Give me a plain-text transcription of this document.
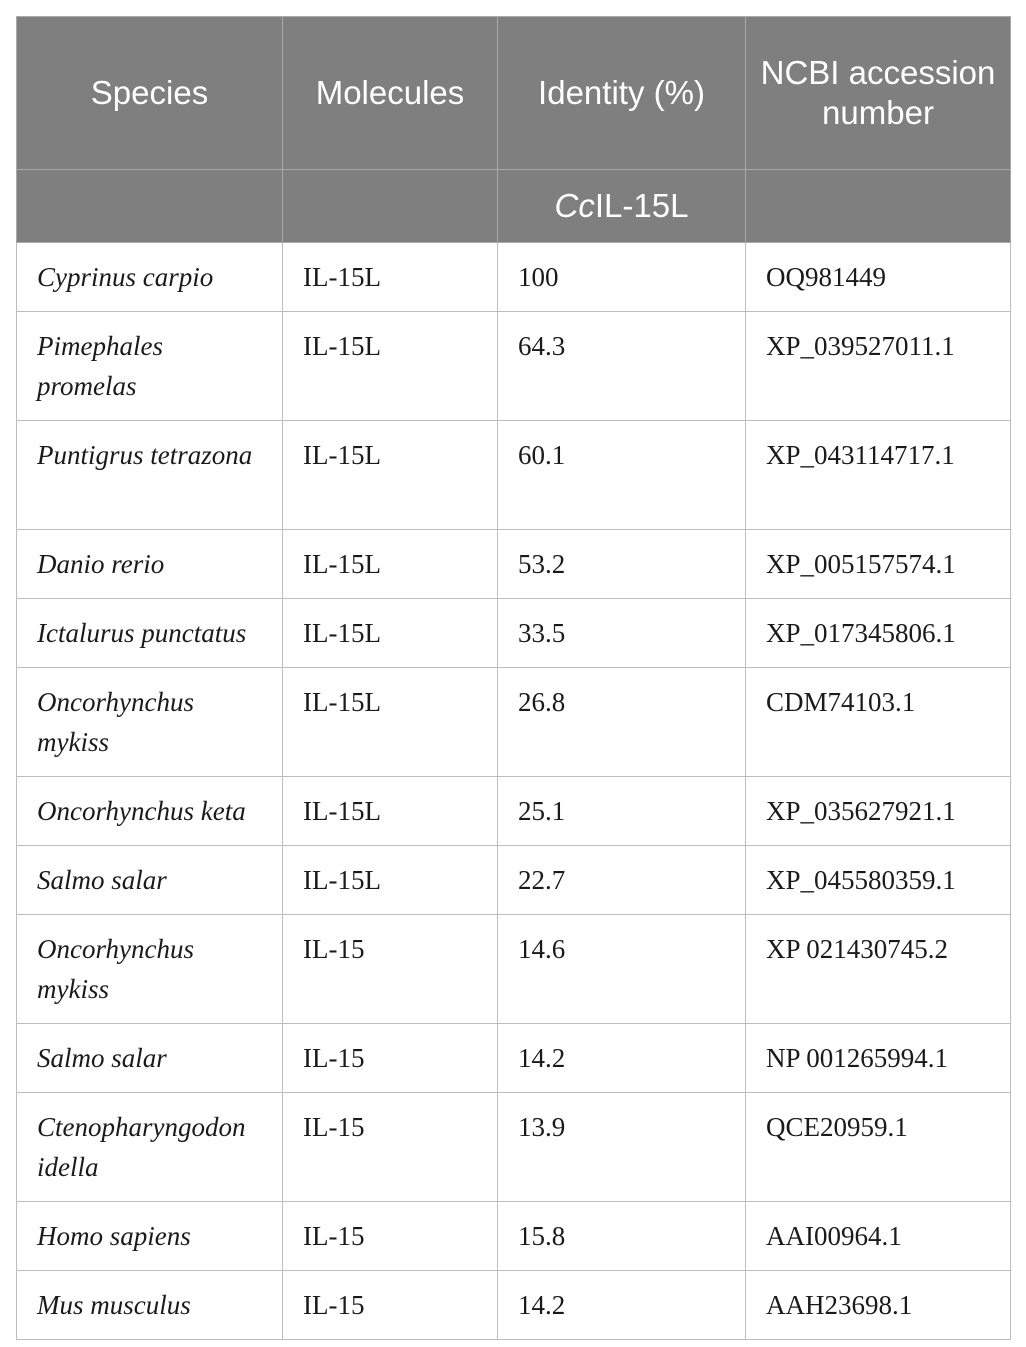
Species	Molecules	Identity (%)	NCBI accession number
		CcIL-15L	
Cyprinus carpio	IL-15L	100	OQ981449
Pimephales promelas	IL-15L	64.3	XP_039527011.1
Puntigrus tetrazona	IL-15L	60.1	XP_043114717.1
Danio rerio	IL-15L	53.2	XP_005157574.1
Ictalurus punctatus	IL-15L	33.5	XP_017345806.1
Oncorhynchus mykiss	IL-15L	26.8	CDM74103.1
Oncorhynchus keta	IL-15L	25.1	XP_035627921.1
Salmo salar	IL-15L	22.7	XP_045580359.1
Oncorhynchus mykiss	IL-15	14.6	XP 021430745.2
Salmo salar	IL-15	14.2	NP 001265994.1
Ctenopharyngodon idella	IL-15	13.9	QCE20959.1
Homo sapiens	IL-15	15.8	AAI00964.1
Mus musculus	IL-15	14.2	AAH23698.1
